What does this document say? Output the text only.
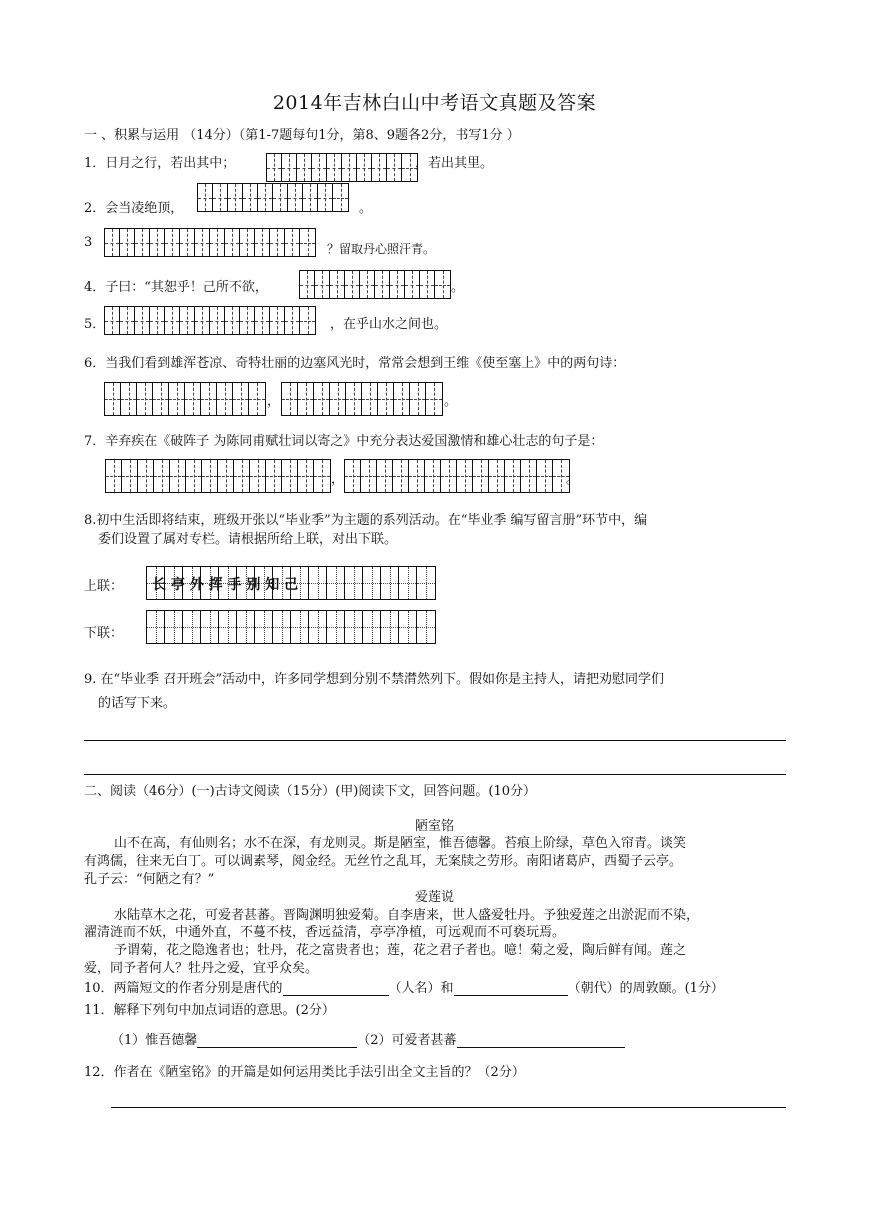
2014年吉林白山中考语文真题及答案
一 、积累与运用 （14分）（第1-7题每句1分，第8、9题各2分，书写1分 ）
1．日月之行，若出其中；	，若出其里。
2．会当凌绝顶，	。
3	？留取丹心照汗青。
4．子曰：“其恕乎！己所不欲，	。
5．	，在乎山水之间也。
6．当我们看到雄浑苍凉、奇特壮丽的边塞风光时，常常会想到王维《使至塞上》中的两句诗：
，	。
7．辛弃疾在《破阵子 为陈同甫赋壮词以寄之》中充分表达爱国激情和雄心壮志的句子是：
，	。
8.初中生活即将结束，班级开张以“毕业季”为主题的系列活动。在“毕业季 编写留言册”环节中，编
委们设置了属对专栏。请根据所给上联，对出下联。
上联： 长 亭 外 挥 手 别 知 己
下联：
9. 在“毕业季 召开班会”活动中，许多同学想到分别不禁潸然列下。假如你是主持人，请把劝慰同学们
的话写下来。
二、阅读（46分）(一)古诗文阅读（15分）(甲)阅读下文，回答问题。(10分）
陋室铭
山不在高，有仙则名；水不在深，有龙则灵。斯是陋室，惟吾德馨。苔痕上阶绿，草色入帘青。谈笑
有鸿儒，往来无白丁。可以调素琴，阅金经。无丝竹之乱耳，无案牍之劳形。南阳诸葛庐，西蜀子云亭。
孔子云：“何陋之有？”
爱莲说
水陆草木之花，可爱者甚蕃。晋陶渊明独爱菊。自李唐来，世人盛爱牡丹。予独爱莲之出淤泥而不染，
濯清涟而不妖，中通外直，不蔓不枝，香远益清，亭亭净植，可远观而不可亵玩焉。
予谓菊，花之隐逸者也；牡丹，花之富贵者也；莲，花之君子者也。噫！菊之爱，陶后鲜有闻。莲之
爱，同予者何人？牡丹之爱，宜乎众矣。
10．两篇短文的作者分别是唐代的	（人名）和	（朝代）的周敦颐。(1分）
11．解释下列句中加点词语的意思。(2分）
（1）惟吾德馨	（2）可爱者甚蕃
12．作者在《陋室铭》的开篇是如何运用类比手法引出全文主旨的？（2分）
